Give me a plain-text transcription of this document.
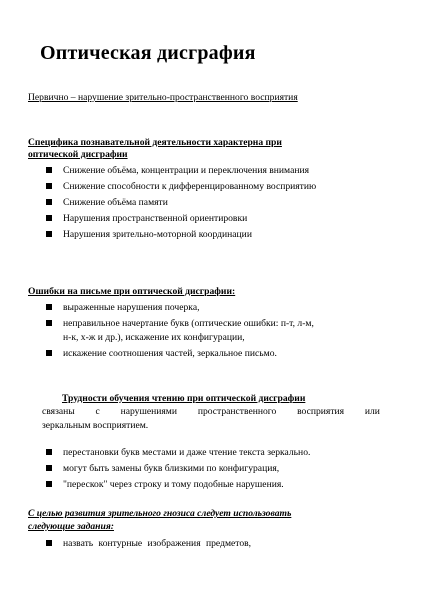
Оптическая дисграфия
Первично – нарушение зрительно-пространственного восприятия
Специфика познавательной деятельности характерна при
оптической дисграфии
Снижение объёма, концентрации и переключения внимания
Снижение способности к дифференцированному восприятию
Снижение объёма памяти
Нарушения пространственной ориентировки
Нарушения зрительно-моторной координации
Ошибки на письме при оптической дисграфии:
выраженные нарушения почерка,
неправильное начертание букв (оптические ошибки: п-т, л-м,
н-к, х-ж и др.), искажение их конфигурации,
искажение соотношения частей, зеркальное письмо.
Трудности обучения чтению при оптической дисграфии
связаны с нарушениями пространственного восприятия или
зеркальным восприятием.
перестановки букв местами и даже чтение текста зеркально.
могут быть замены букв близкими по конфигурация,
"перескок" через строку и тому подобные нарушения.
С целью развития зрительного гнозиса следует использовать
следующие задания:
назвать контурные изображения предметов,
